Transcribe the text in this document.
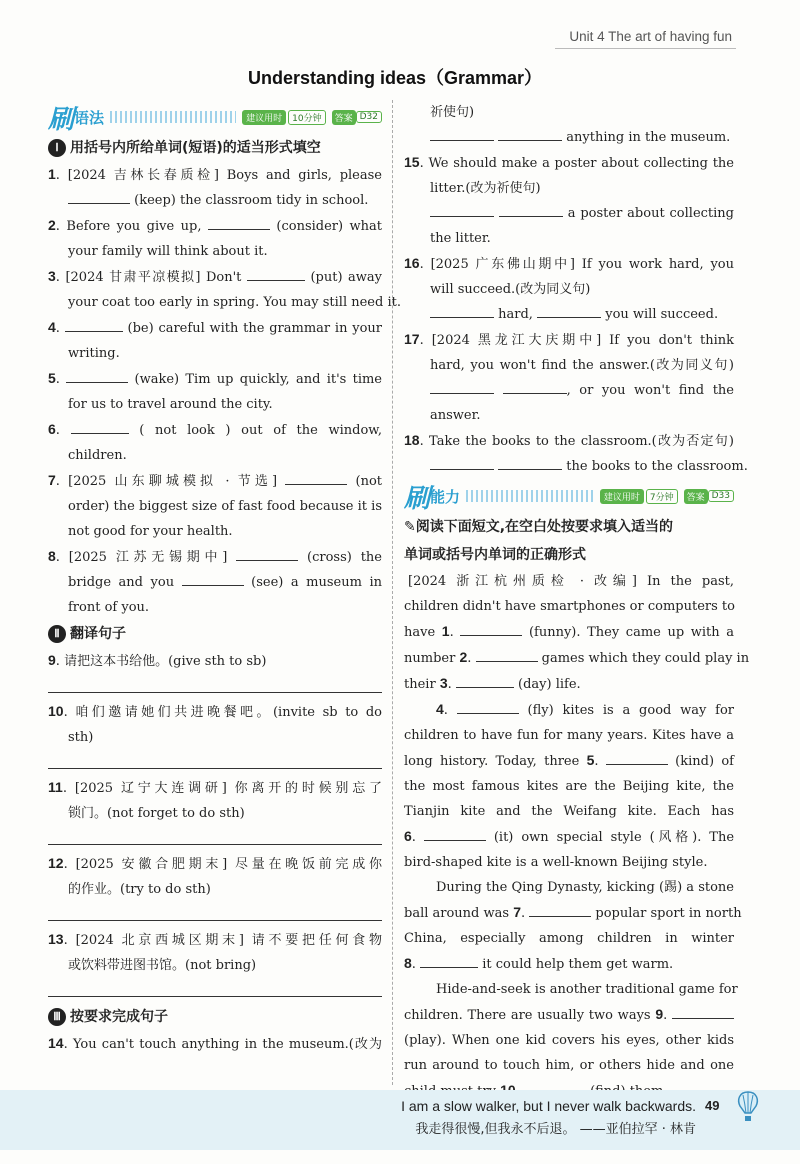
Unit 4 The art of having fun
Understanding ideas（Grammar）
刷 语法	建议用时	10分钟	答案 D32
Ⅰ 用括号内所给单词(短语)的适当形式填空
1. [2024 吉林长春质检] Boys and girls, please
(keep) the classroom tidy in school.
2. Before you give up,	(consider) what
your family will think about it.
3. [2024 甘肃平凉模拟] Don't	(put) away
your coat too early in spring. You may still need it.
4.	(be) careful with the grammar in your
writing.
5.	(wake) Tim up quickly, and it's time
for us to travel around the city.
6.	( not look ) out of the window,
children.
7. [2025 山东聊城模拟 · 节选]	(not
order) the biggest size of fast food because it is
not good for your health.
8. [2025 江苏无锡期中]	(cross) the
bridge and you	(see) a museum in
front of you.
Ⅱ 翻译句子
9. 请把这本书给他。(give sth to sb)
10. 咱们邀请她们共进晚餐吧。(invite sb to do
sth)
11. [2025 辽宁大连调研] 你离开的时候别忘了
锁门。(not forget to do sth)
12. [2025 安徽合肥期末] 尽量在晚饭前完成你
的作业。(try to do sth)
13. [2024 北京西城区期末] 请不要把任何食物
或饮料带进图书馆。(not bring)
Ⅲ 按要求完成句子
14. You can't touch anything in the museum.(改为
祈使句)
anything in the museum.
15. We should make a poster about collecting the
litter.(改为祈使句)
a poster about collecting
the litter.
16. [2025 广东佛山期中] If you work hard, you
will succeed.(改为同义句)
hard,	you will succeed.
17. [2024 黑龙江大庆期中] If you don't think
hard, you won't find the answer.(改为同义句)
, or you won't find the
answer.
18. Take the books to the classroom.(改为否定句)
the books to the classroom.
刷 能力	建议用时	7分钟	答案 D33
✎阅读下面短文,在空白处按要求填入适当的
单词或括号内单词的正确形式
[2024 浙江杭州质检 · 改编] In the past,
children didn't have smartphones or computers to
have 1.	(funny). They came up with a
number 2.	games which they could play in
their 3.	(day) life.
4.	(fly) kites is a good way for
children to have fun for many years. Kites have a
long history. Today, three 5.	(kind) of
the most famous kites are the Beijing kite, the
Tianjin kite and the Weifang kite. Each has
6.	(it) own special style (风格). The
bird-shaped kite is a well-known Beijing style.
During the Qing Dynasty, kicking (踢) a stone
ball around was 7.	popular sport in north
China, especially among children in winter
8.	it could help them get warm.
Hide-and-seek is another traditional game for
children. There are usually two ways 9.
(play). When one kid covers his eyes, other kids
run around to touch him, or others hide and one
I am a slow walker, but I never walk backwards.
我走得很慢,但我永不后退。 ——亚伯拉罕 · 林肯
49
